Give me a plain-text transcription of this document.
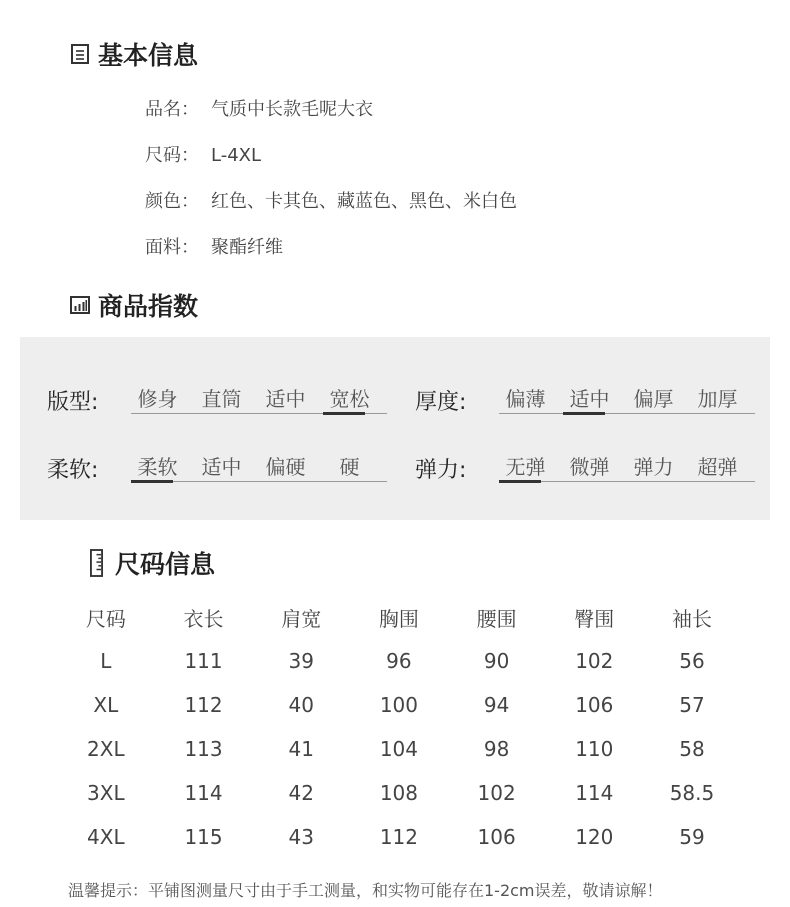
基本信息
品名： 气质中长款毛呢大衣
尺码： L-4XL
颜色： 红色、卡其色、藏蓝色、黑色、米白色
面料： 聚酯纤维
商品指数
版型:	修身	直筒	适中	宽松	厚度:	偏薄	适中	偏厚	加厚
柔软:	柔软	适中	偏硬	硬	弹力:	无弹	微弹	弹力	超弹
尺码信息
尺码	衣长	肩宽	胸围	腰围	臀围	袖长
L	111	39	96	90	102	56
XL	112	40	100	94	106	57
2XL	113	41	104	98	110	58
3XL	114	42	108	102	114	58.5
4XL	115	43	112	106	120	59
温馨提示：平铺图测量尺寸由于手工测量，和实物可能存在1-2cm误差，敬请谅解！
